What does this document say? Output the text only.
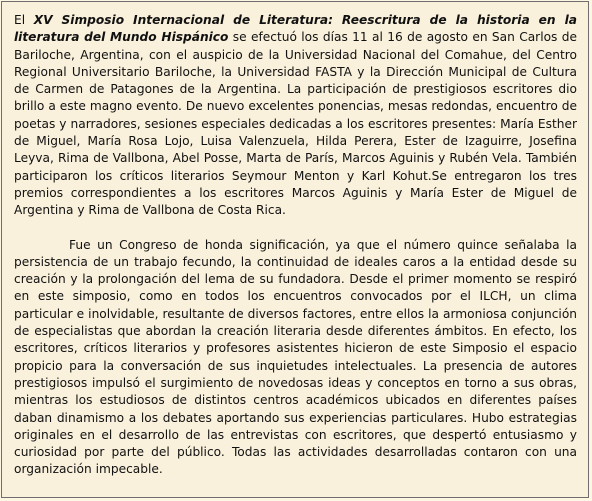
El XV Simposio Internacional de Literatura: Reescritura de la historia en la literatura del Mundo Hispánico se efectuó los días 11 al 16 de agosto en San Carlos de Bariloche, Argentina, con el auspicio de la Universidad Nacional del Comahue, del Centro Regional Universitario Bariloche, la Universidad FASTA y la Dirección Municipal de Cultura de Carmen de Patagones de la Argentina. La participación de prestigiosos escritores dio brillo a este magno evento. De nuevo excelentes ponencias, mesas redondas, encuentro de poetas y narradores, sesiones especiales dedicadas a los escritores presentes: María Esther de Miguel, María Rosa Lojo, Luisa Valenzuela, Hilda Perera, Ester de Izaguirre, Josefina Leyva, Rima de Vallbona, Abel Posse, Marta de París, Marcos Aguinis y Rubén Vela. También participaron los críticos literarios Seymour Menton y Karl Kohut.Se entregaron los tres premios correspondientes a los escritores Marcos Aguinis y María Ester de Miguel de Argentina y Rima de Vallbona de Costa Rica.

Fue un Congreso de honda significación, ya que el número quince señalaba la persistencia de un trabajo fecundo, la continuidad de ideales caros a la entidad desde su creación y la prolongación del lema de su fundadora. Desde el primer momento se respiró en este simposio, como en todos los encuentros convocados por el ILCH, un clima particular e inolvidable, resultante de diversos factores, entre ellos la armoniosa conjunción de especialistas que abordan la creación literaria desde diferentes ámbitos. En efecto, los escritores, críticos literarios y profesores asistentes hicieron de este Simposio el espacio propicio para la conversación de sus inquietudes intelectuales. La presencia de autores prestigiosos impulsó el surgimiento de novedosas ideas y conceptos en torno a sus obras, mientras los estudiosos de distintos centros académicos ubicados en diferentes países daban dinamismo a los debates aportando sus experiencias particulares. Hubo estrategias originales en el desarrollo de las entrevistas con escritores, que despertó entusiasmo y curiosidad por parte del público. Todas las actividades desarrolladas contaron con una organización impecable.
